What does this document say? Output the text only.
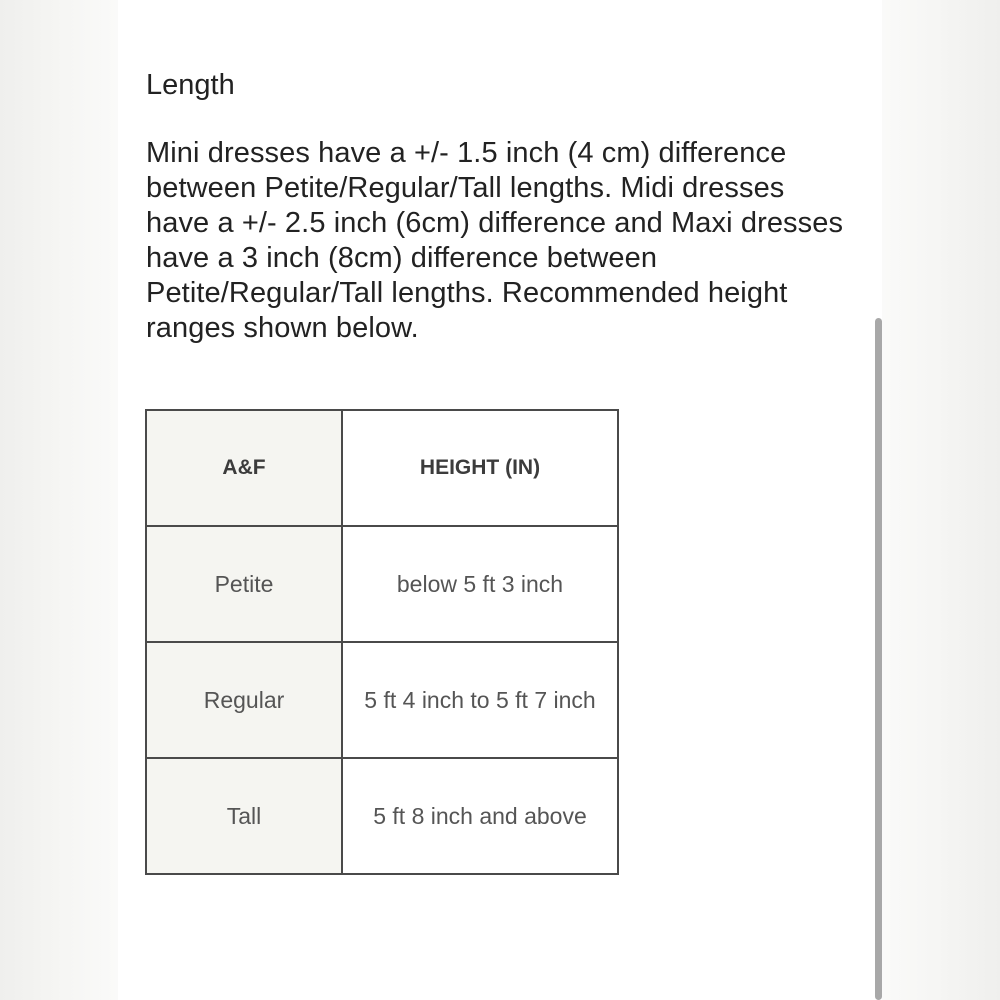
Length

Mini dresses have a +/- 1.5 inch (4 cm) difference between Petite/Regular/Tall lengths. Midi dresses have a +/- 2.5 inch (6cm) difference and Maxi dresses have a 3 inch (8cm) difference between Petite/Regular/Tall lengths. Recommended height ranges shown below.

A&F	HEIGHT (IN)
Petite	below 5 ft 3 inch
Regular	5 ft 4 inch to 5 ft 7 inch
Tall	5 ft 8 inch and above
